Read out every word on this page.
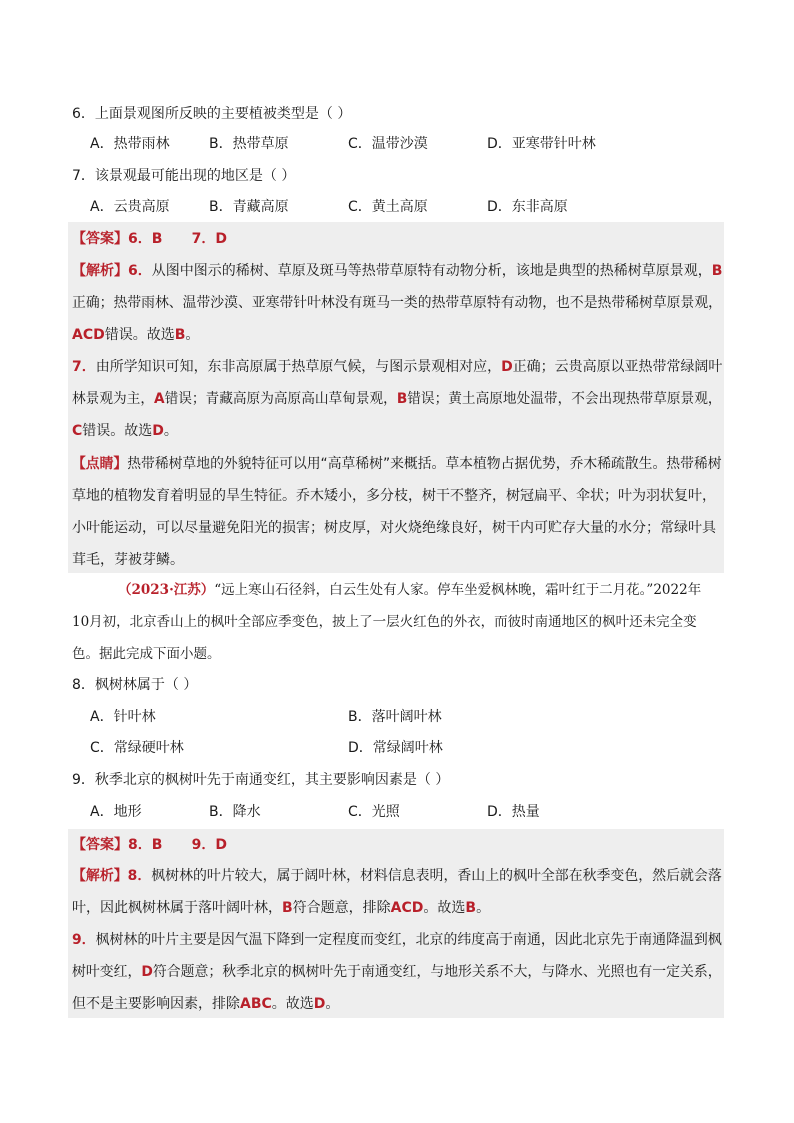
6．上面景观图所反映的主要植被类型是（ ）
A．热带雨林	B．热带草原	C．温带沙漠	D．亚寒带针叶林
7．该景观最可能出现的地区是（ ）
A．云贵高原	B．青藏高原	C．黄土高原	D．东非高原
【答案】6．B      7．D
【解析】6．从图中图示的稀树、草原及斑马等热带草原特有动物分析，该地是典型的热稀树草原景观，B
正确；热带雨林、温带沙漠、亚寒带针叶林没有斑马一类的热带草原特有动物，也不是热带稀树草原景观，
ACD错误。故选B。
7．由所学知识可知，东非高原属于热草原气候，与图示景观相对应，D正确；云贵高原以亚热带常绿阔叶
林景观为主，A错误；青藏高原为高原高山草甸景观，B错误；黄土高原地处温带，不会出现热带草原景观，
C错误。故选D。
【点睛】热带稀树草地的外貌特征可以用“高草稀树”来概括。草本植物占据优势，乔木稀疏散生。热带稀树
草地的植物发育着明显的旱生特征。乔木矮小，多分枝，树干不整齐，树冠扁平、伞状；叶为羽状复叶，
小叶能运动，可以尽量避免阳光的损害；树皮厚，对火烧绝缘良好，树干内可贮存大量的水分；常绿叶具
茸毛，芽被芽鳞。
（2023·江苏）“远上寒山石径斜，白云生处有人家。停车坐爱枫林晚，霜叶红于二月花。”2022年
10月初，北京香山上的枫叶全部应季变色，披上了一层火红色的外衣，而彼时南通地区的枫叶还未完全变
色。据此完成下面小题。
8．枫树林属于（ ）
A．针叶林	B．落叶阔叶林
C．常绿硬叶林	D．常绿阔叶林
9．秋季北京的枫树叶先于南通变红，其主要影响因素是（ ）
A．地形	B．降水	C．光照	D．热量
【答案】8．B      9．D
【解析】8．枫树林的叶片较大，属于阔叶林，材料信息表明，香山上的枫叶全部在秋季变色，然后就会落
叶，因此枫树林属于落叶阔叶林，B符合题意，排除ACD。故选B。
9．枫树林的叶片主要是因气温下降到一定程度而变红，北京的纬度高于南通，因此北京先于南通降温到枫
树叶变红，D符合题意；秋季北京的枫树叶先于南通变红，与地形关系不大，与降水、光照也有一定关系，
但不是主要影响因素，排除ABC。故选D。
